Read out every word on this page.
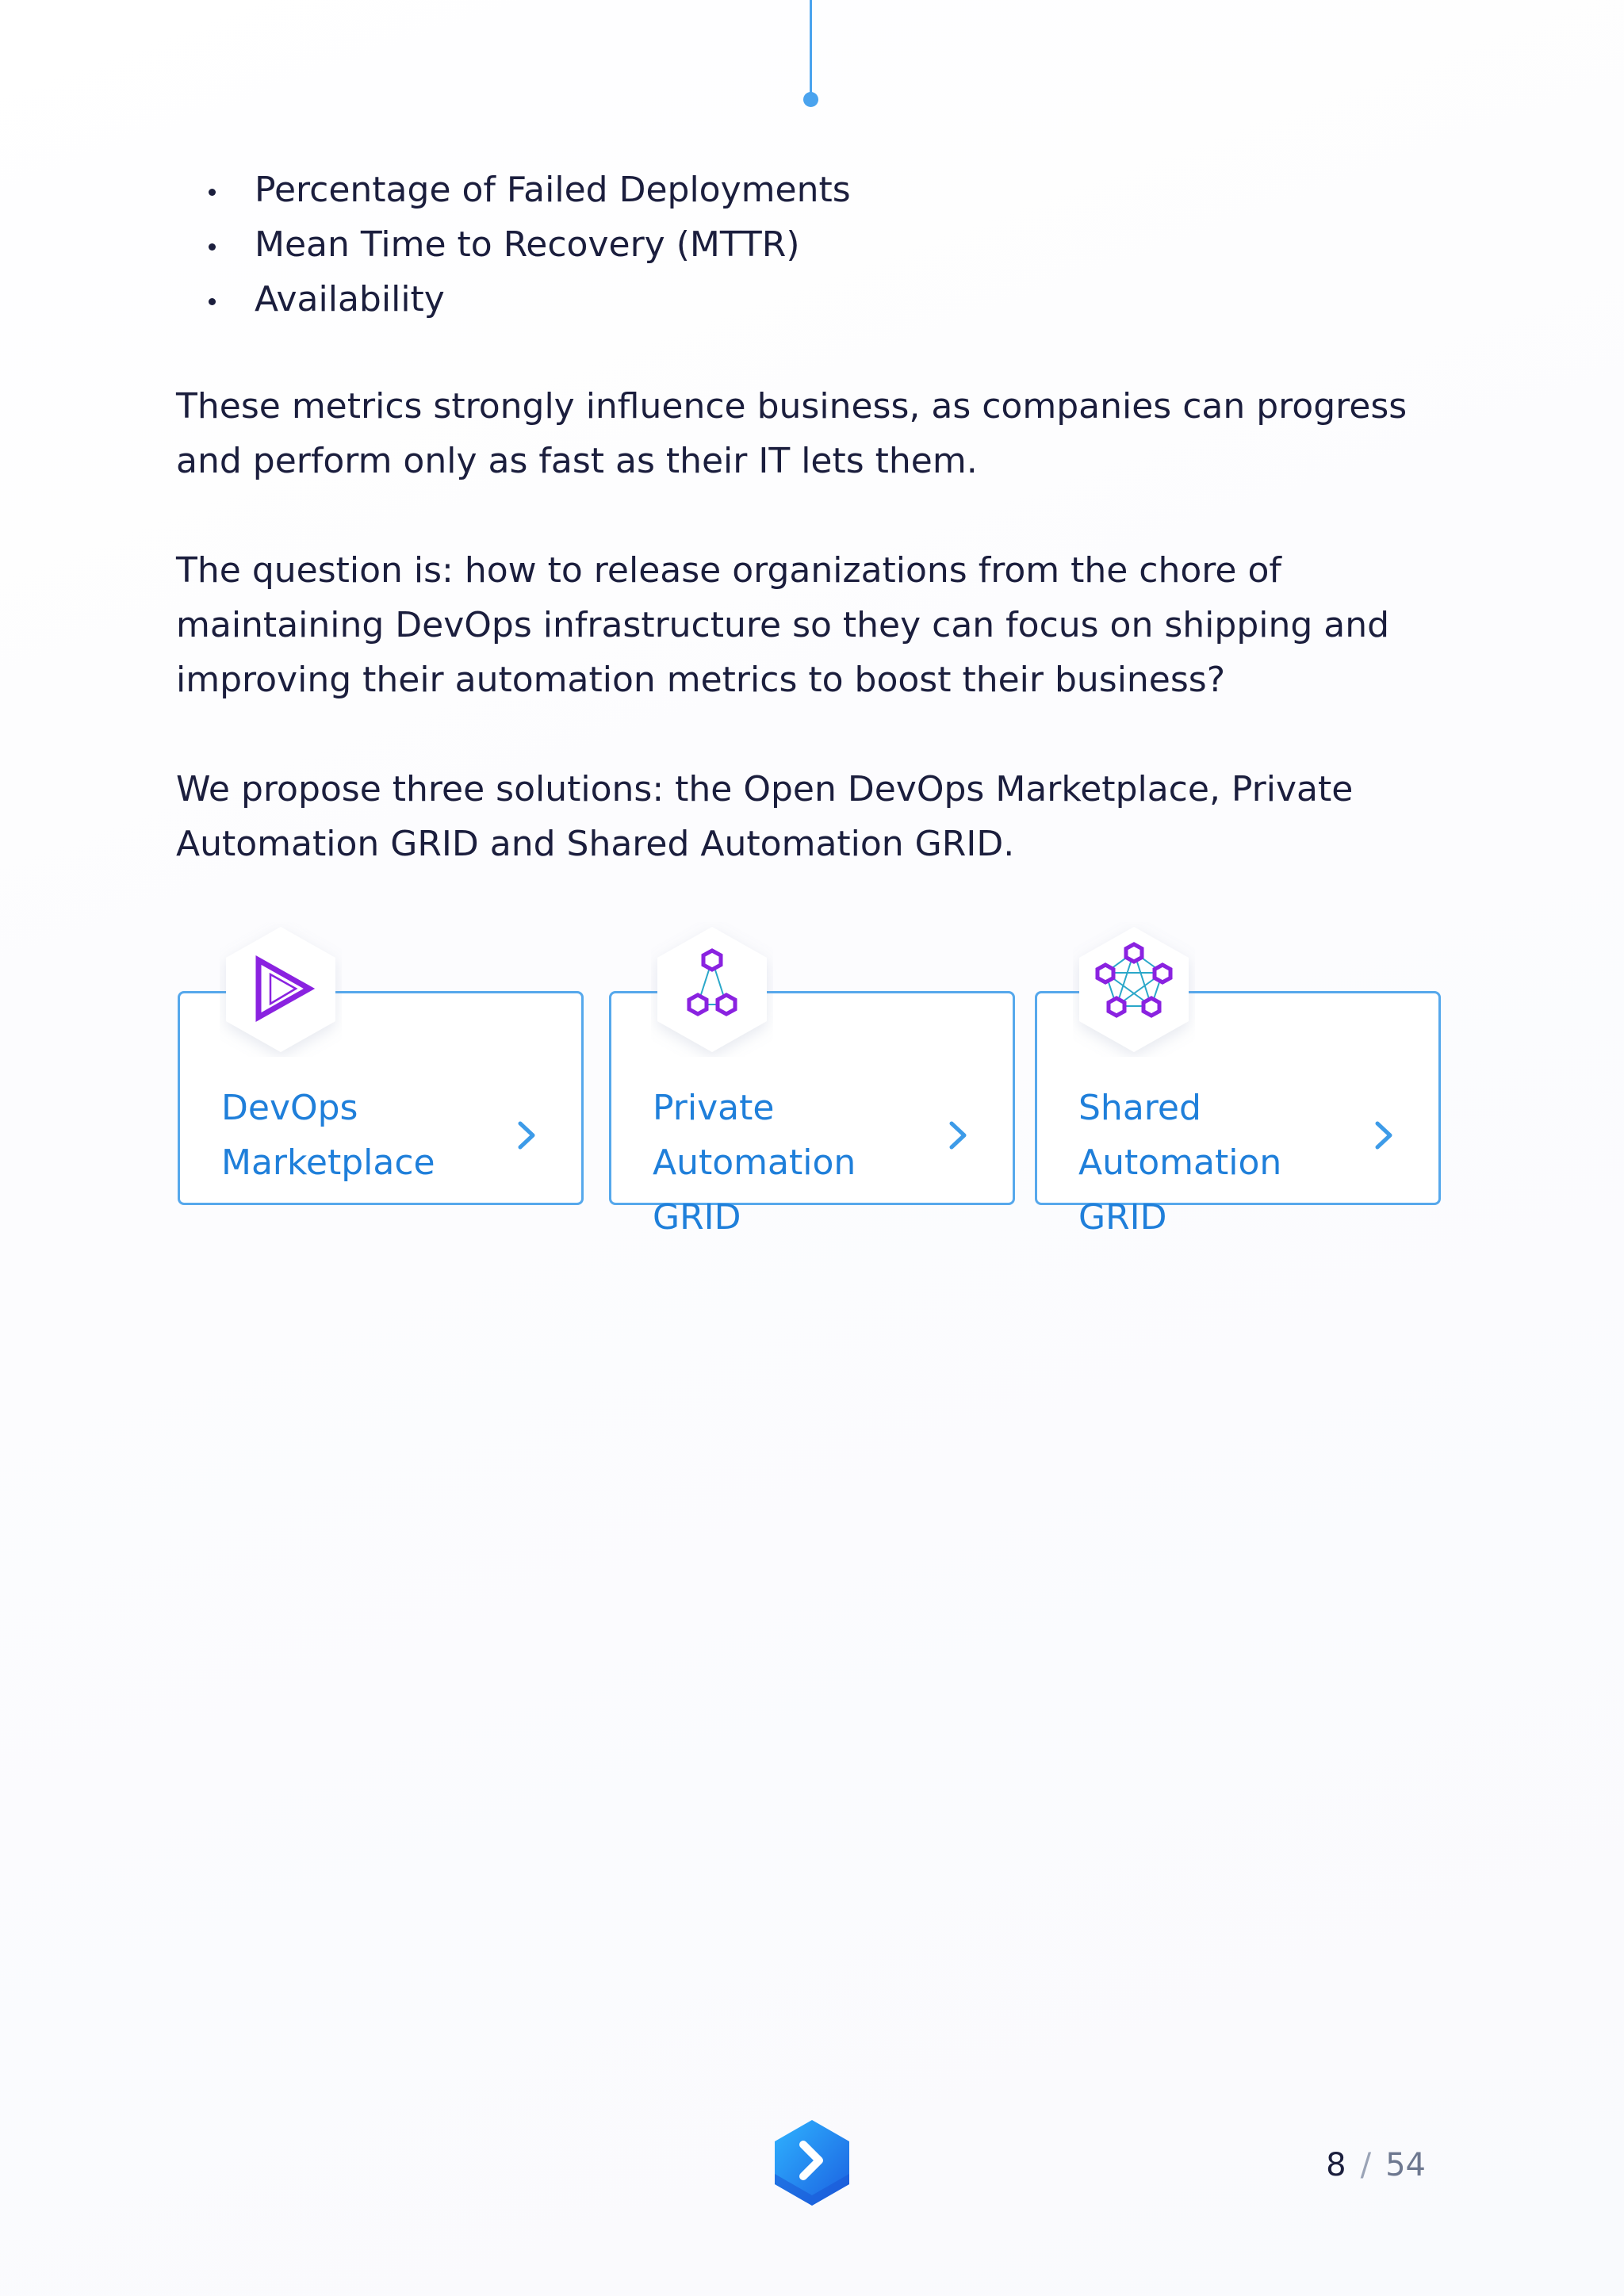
Percentage of Failed Deployments
Mean Time to Recovery (MTTR)
Availability

These metrics strongly influence business, as companies can progress and perform only as fast as their IT lets them.

The question is: how to release organizations from the chore of maintaining DevOps infrastructure so they can focus on shipping and improving their automation metrics to boost their business?

We propose three solutions: the Open DevOps Marketplace, Private Automation GRID and Shared Automation GRID.

DevOps
Marketplace
Private
Automation GRID
Shared
Automation GRID
8 / 54
